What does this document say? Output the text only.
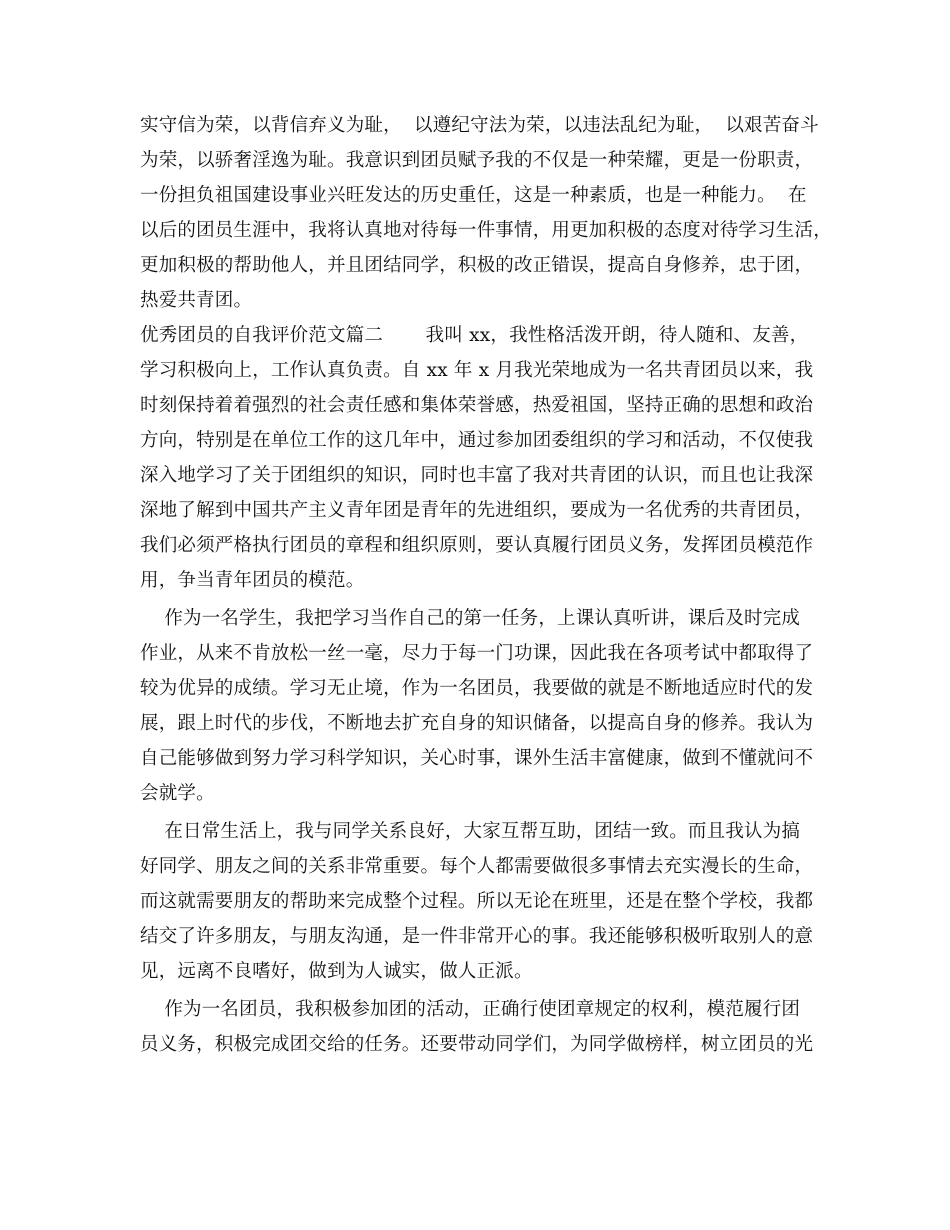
实守信为荣，以背信弃义为耻，  以遵纪守法为荣，以违法乱纪为耻，  以艰苦奋斗
为荣，以骄奢淫逸为耻。我意识到团员赋予我的不仅是一种荣耀，更是一份职责，
一份担负祖国建设事业兴旺发达的历史重任，这是一种素质，也是一种能力。  在
以后的团员生涯中，我将认真地对待每一件事情，用更加积极的态度对待学习生活，
更加积极的帮助他人，并且团结同学，积极的改正错误，提高自身修养，忠于团，
热爱共青团。
优秀团员的自我评价范文篇二       我叫 xx，我性格活泼开朗，待人随和、友善，
学习积极向上，工作认真负责。自 xx 年 x 月我光荣地成为一名共青团员以来，我
时刻保持着着强烈的社会责任感和集体荣誉感，热爱祖国，坚持正确的思想和政治
方向，特别是在单位工作的这几年中，通过参加团委组织的学习和活动，不仅使我
深入地学习了关于团组织的知识，同时也丰富了我对共青团的认识，而且也让我深
深地了解到中国共产主义青年团是青年的先进组织，要成为一名优秀的共青团员，
我们必须严格执行团员的章程和组织原则，要认真履行团员义务，发挥团员模范作
用，争当青年团员的模范。
作为一名学生，我把学习当作自己的第一任务，上课认真听讲，课后及时完成
作业，从来不肯放松一丝一毫，尽力于每一门功课，因此我在各项考试中都取得了
较为优异的成绩。学习无止境，作为一名团员，我要做的就是不断地适应时代的发
展，跟上时代的步伐，不断地去扩充自身的知识储备，以提高自身的修养。我认为
自己能够做到努力学习科学知识，关心时事，课外生活丰富健康，做到不懂就问不
会就学。
在日常生活上，我与同学关系良好，大家互帮互助，团结一致。而且我认为搞
好同学、朋友之间的关系非常重要。每个人都需要做很多事情去充实漫长的生命，
而这就需要朋友的帮助来完成整个过程。所以无论在班里，还是在整个学校，我都
结交了许多朋友，与朋友沟通，是一件非常开心的事。我还能够积极听取别人的意
见，远离不良嗜好，做到为人诚实，做人正派。
作为一名团员，我积极参加团的活动，正确行使团章规定的权利，模范履行团
员义务，积极完成团交给的任务。还要带动同学们，为同学做榜样，树立团员的光
